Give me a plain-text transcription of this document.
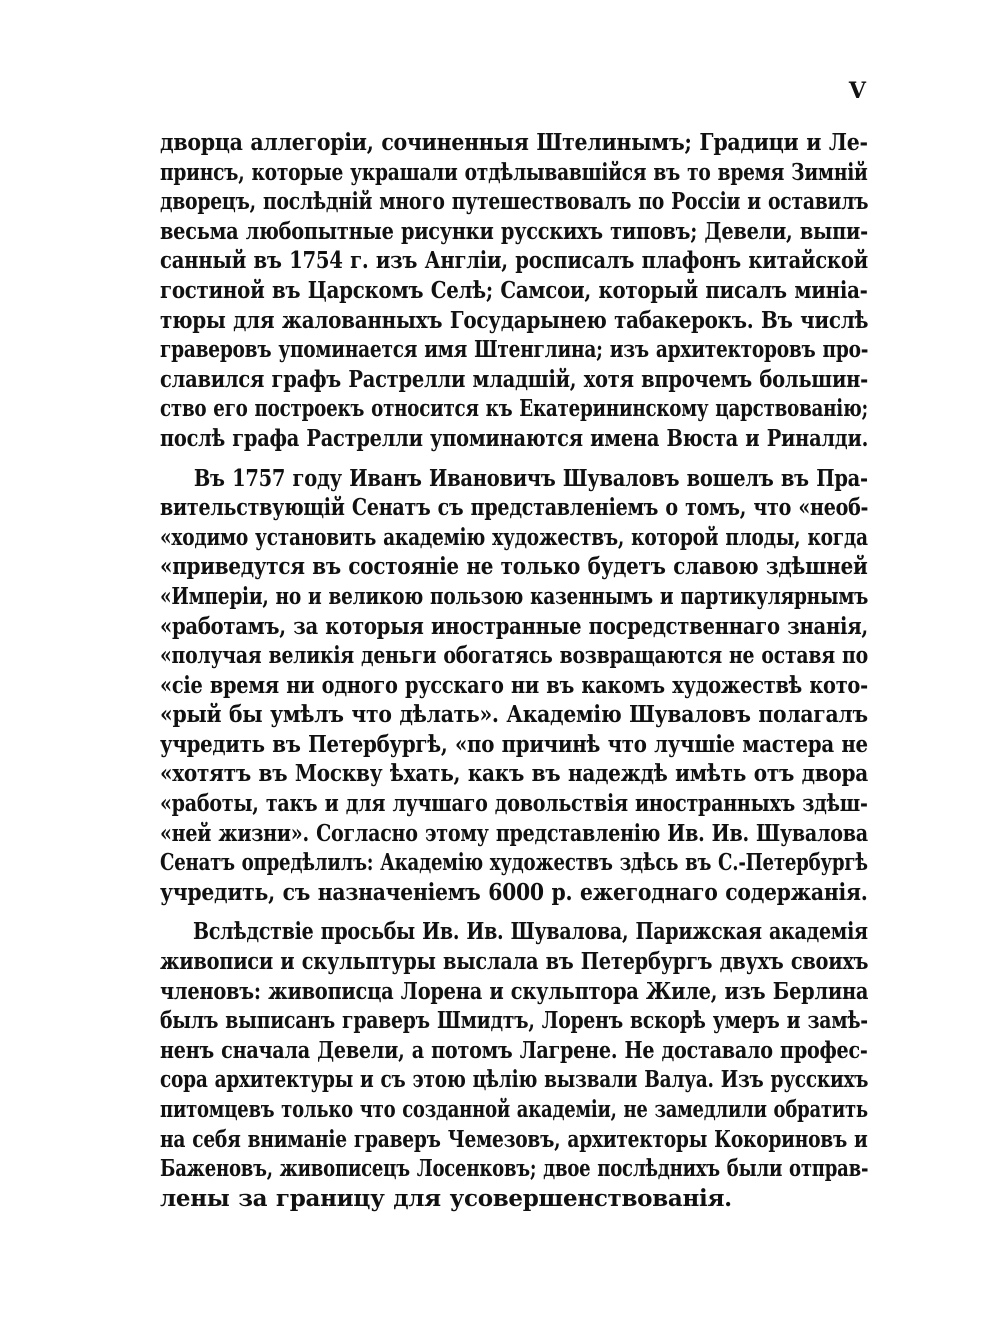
V
дворца аллегоріи, сочиненныя Штелинымъ; Градици и Ле-
принсъ, которые украшали отдѣлывавшійся въ то время Зимній
дворецъ, послѣдній много путешествовалъ по Россіи и оставилъ
весьма любопытные рисунки русскихъ типовъ; Девели, выпи-
санный въ 1754 г. изъ Англіи, росписалъ плафонъ китайской
гостиной въ Царскомъ Селѣ; Самсои, который писалъ миніа-
тюры для жалованныхъ Государынею табакерокъ. Въ числѣ
граверовъ упоминается имя Штенглина; изъ архитекторовъ про-
славился графъ Растрелли младшій, хотя впрочемъ большин-
ство его построекъ относится къ Екатерининскому царствованію;
послѣ графа Растрелли упоминаются имена Вюста и Риналди.
Въ 1757 году Иванъ Ивановичъ Шуваловъ вошелъ въ Пра-
вительствующій Сенатъ съ представленіемъ о томъ, что «необ-
«ходимо установить академію художествъ, которой плоды, когда
«приведутся въ состояніе не только будетъ славою здѣшней
«Имперіи, но и великою пользою казеннымъ и партикулярнымъ
«работамъ, за которыя иностранные посредственнаго знанія,
«получая великія деньги обогатясь возвращаются не оставя по
«сіе время ни одного русскаго ни въ какомъ художествѣ кото-
«рый бы умѣлъ что дѣлать». Академію Шуваловъ полагалъ
учредить въ Петербургѣ, «по причинѣ что лучшіе мастера не
«хотятъ въ Москву ѣхать, какъ въ надеждѣ имѣть отъ двора
«работы, такъ и для лучшаго довольствія иностранныхъ здѣш-
«ней жизни». Согласно этому представленію Ив. Ив. Шувалова
Сенатъ опредѣлилъ: Академію художествъ здѣсь въ С.-Петербургѣ
учредить, съ назначеніемъ 6000 р. ежегоднаго содержанія.
Вслѣдствіе просьбы Ив. Ив. Шувалова, Парижская академія
живописи и скульптуры выслала въ Петербургъ двухъ своихъ
членовъ: живописца Лорена и скульптора Жиле, изъ Берлина
былъ выписанъ граверъ Шмидтъ, Лоренъ вскорѣ умеръ и замѣ-
ненъ сначала Девели, а потомъ Лагрене. Не доставало профес-
сора архитектуры и съ этою цѣлію вызвали Валуа. Изъ русскихъ
питомцевъ только что созданной академіи, не замедлили обратить
на себя вниманіе граверъ Чемезовъ, архитекторы Кокориновъ и
Баженовъ, живописецъ Лосенковъ; двое послѣднихъ были отправ-
лены за границу для усовершенствованія.
